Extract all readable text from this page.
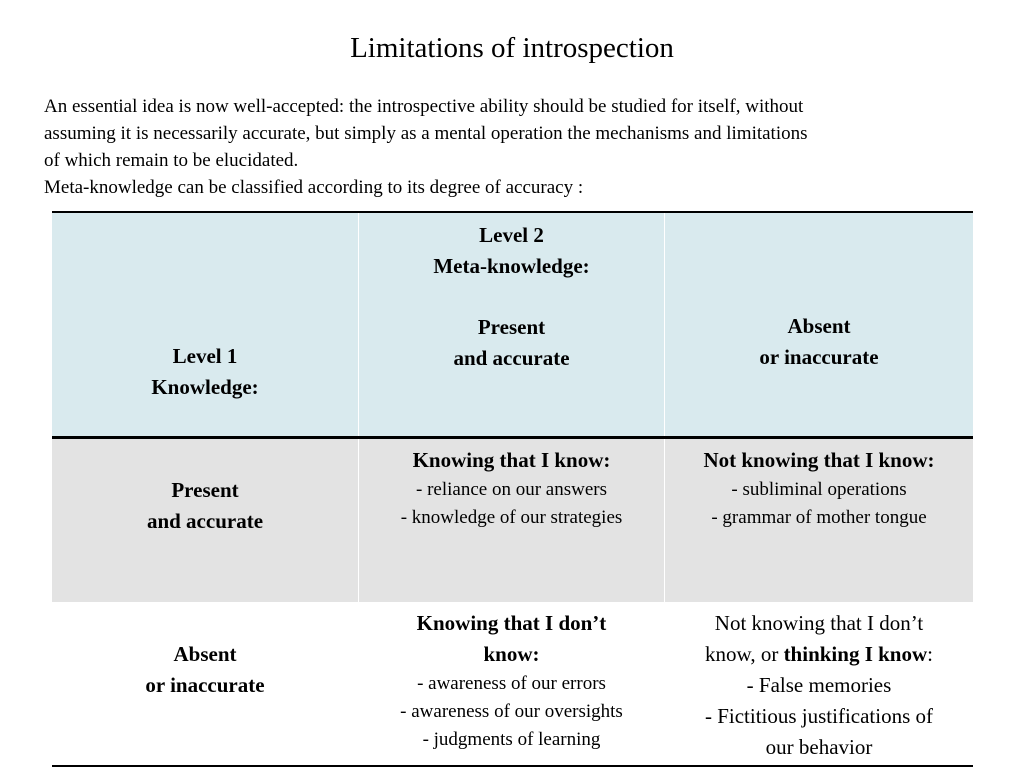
Limitations of introspection

An essential idea is now well-accepted: the introspective ability should be studied for itself, without

assuming it is necessarily accurate, but simply as a mental operation the mechanisms and limitations

of which remain to be elucidated.

Meta-knowledge can be classified according to its degree of accuracy :

Level 1
Knowledge:
Level 2
Meta-knowledge:
Present
and accurate
Absent
or inaccurate
Present
and accurate
Knowing that I know:
- reliance on our answers
- knowledge of our strategies
Not knowing that I know:
- subliminal operations
- grammar of mother tongue
Absent
or inaccurate
Knowing that I don’t
know:
- awareness of our errors
- awareness of our oversights
- judgments of learning
Not knowing that I don’t
know, or thinking I know:
- False memories
- Fictitious justifications of
our behavior
